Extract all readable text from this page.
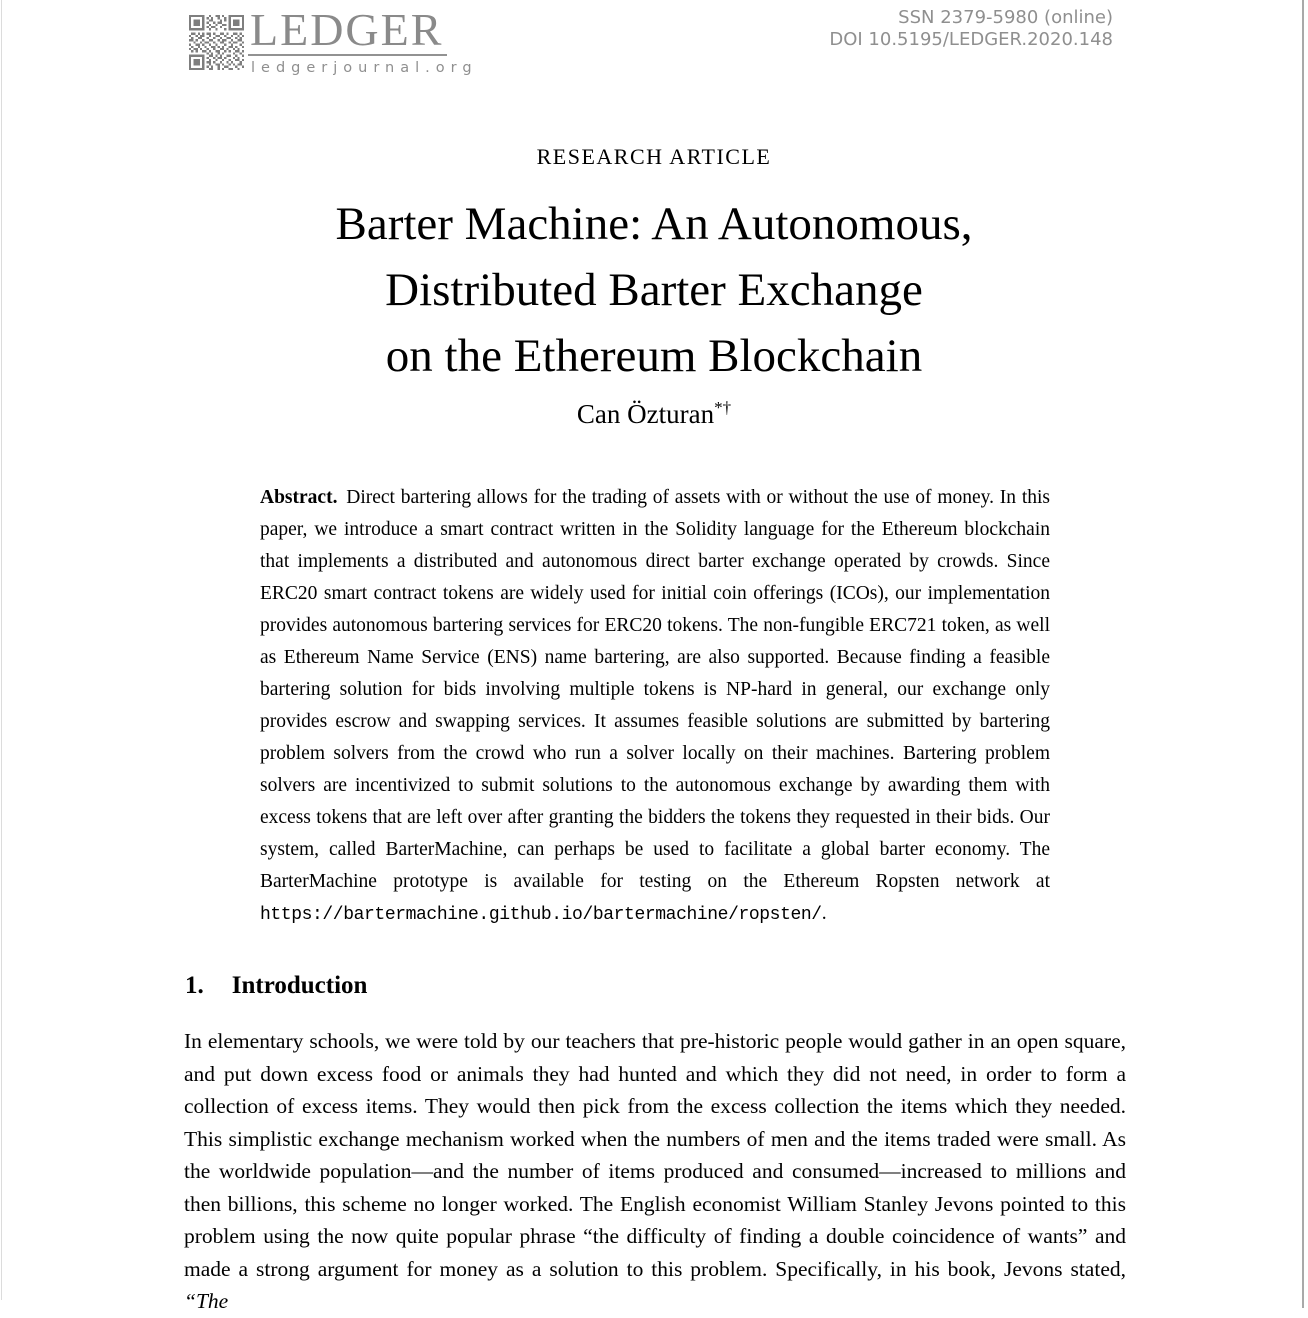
LEDGER
ledgerjournal.org
SSN 2379-5980 (online)
DOI 10.5195/LEDGER.2020.148
RESEARCH ARTICLE
Barter Machine: An Autonomous,
Distributed Barter Exchange
on the Ethereum Blockchain
Can Özturan*†

Abstract. Direct bartering allows for the trading of assets with or without the use of money. In this paper, we introduce a smart contract written in the Solidity language for the Ethereum blockchain that implements a distributed and autonomous direct barter exchange operated by crowds. Since ERC20 smart contract tokens are widely used for initial coin offerings (ICOs), our implementation provides autonomous bartering services for ERC20 tokens. The non-fungible ERC721 token, as well as Ethereum Name Service (ENS) name bartering, are also supported. Because finding a feasible bartering solution for bids involving multiple tokens is NP-hard in general, our exchange only provides escrow and swapping services. It assumes feasible solutions are submitted by bartering problem solvers from the crowd who run a solver locally on their machines. Bartering problem solvers are incentivized to submit solutions to the autonomous exchange by awarding them with excess tokens that are left over after granting the bidders the tokens they requested in their bids. Our system, called BarterMachine, can perhaps be used to facilitate a global barter economy. The BarterMachine prototype is available for testing on the Ethereum Ropsten network at https://bartermachine.github.io/bartermachine/ropsten/.

1. Introduction

In elementary schools, we were told by our teachers that pre-historic people would gather in an open square, and put down excess food or animals they had hunted and which they did not need, in order to form a collection of excess items. They would then pick from the excess collection the items which they needed. This simplistic exchange mechanism worked when the numbers of men and the items traded were small. As the worldwide population—and the number of items produced and consumed—increased to millions and then billions, this scheme no longer worked. The English economist William Stanley Jevons pointed to this problem using the now quite popular phrase “the difficulty of finding a double coincidence of wants” and made a strong argument for money as a solution to this problem. Specifically, in his book, Jevons stated, “The
